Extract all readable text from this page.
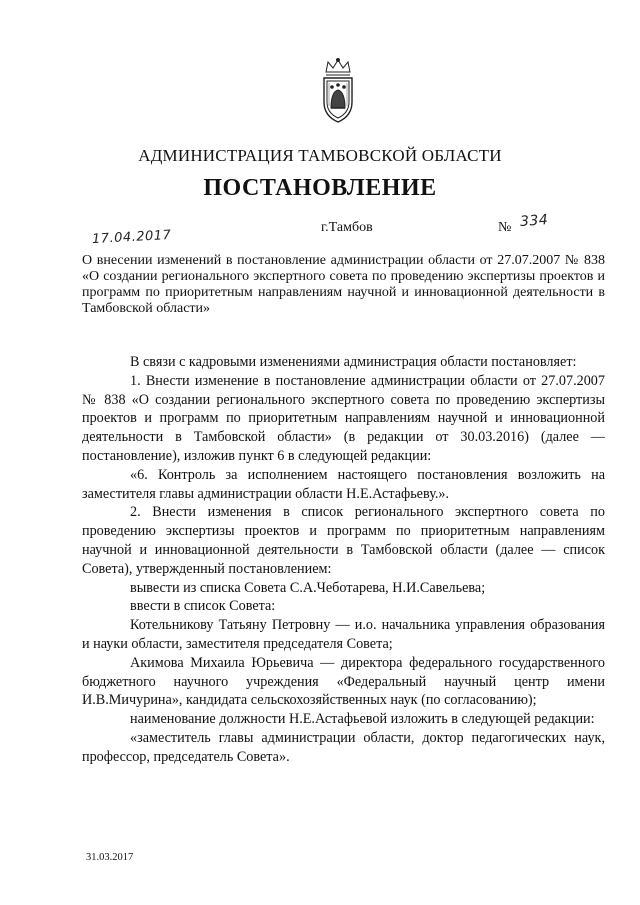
АДМИНИСТРАЦИЯ ТАМБОВСКОЙ ОБЛАСТИ
ПОСТАНОВЛЕНИЕ
17.04.2017
г.Тамбов	№ 334
О внесении изменений в постановление администрации области от 27.07.2007 № 838 «О создании регионального экспертного совета по проведению экспертизы проектов и программ по приоритетным направлениям научной и инновационной деятельности в Тамбовской области»

В связи с кадровыми изменениями администрация области постановляет:

1. Внести изменение в постановление администрации области от 27.07.2007 № 838 «О создании регионального экспертного совета по проведению экспертизы проектов и программ по приоритетным направлениям научной и инновационной деятельности в Тамбовской области» (в редакции от 30.03.2016) (далее — постановление), изложив пункт 6 в следующей редакции:

«6. Контроль за исполнением настоящего постановления возложить на заместителя главы администрации области Н.Е.Астафьеву.».

2. Внести изменения в список регионального экспертного совета по проведению экспертизы проектов и программ по приоритетным направлениям научной и инновационной деятельности в Тамбовской области (далее — список Совета), утвержденный постановлением:

вывести из списка Совета С.А.Чеботарева, Н.И.Савельева;

ввести в список Совета:

Котельникову Татьяну Петровну — и.о. начальника управления образования и науки области, заместителя председателя Совета;

Акимова Михаила Юрьевича — директора федерального государственного бюджетного научного учреждения «Федеральный научный центр имени И.В.Мичурина», кандидата сельскохозяйственных наук (по согласованию);

наименование должности Н.Е.Астафьевой изложить в следующей редакции:

«заместитель главы администрации области, доктор педагогических наук, профессор, председатель Совета».

31.03.2017
